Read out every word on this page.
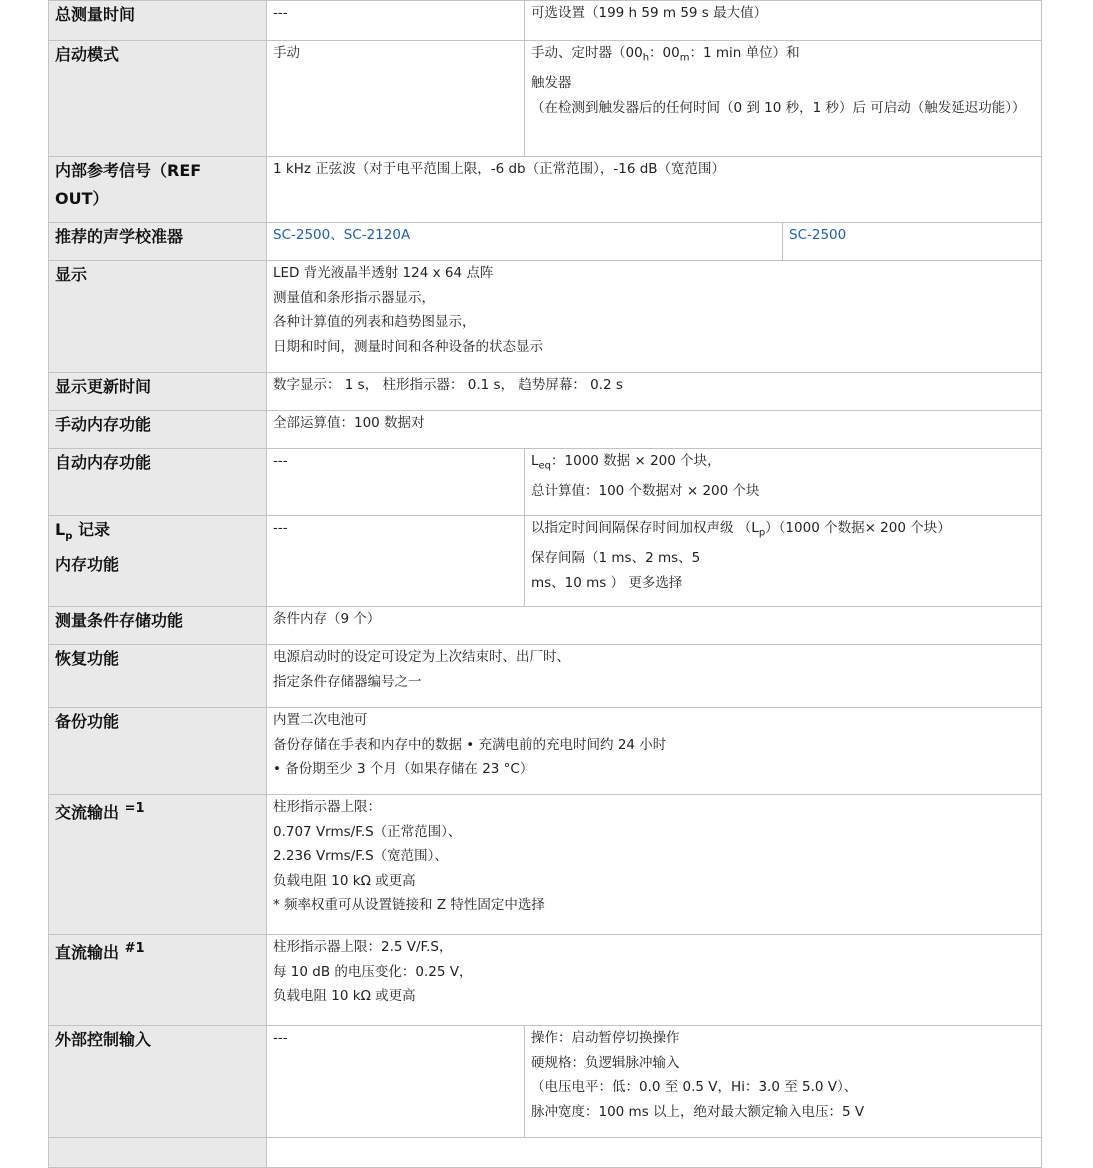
总测量时间	---	可选设置（199 h 59 m 59 s 最大值）	

启动模式	手动	手动、定时器（$00_h$：$00_m$：1 min 单位）和
触发器
（在检测到触发器后的任何时间（0 到 10 秒，1 秒）后 可启动（触发延迟功能））	

内部参考信号（REF
OUT）	1 kHz 正弦波（对于电平范围上限，-6 db（正常范围），-16 dB（宽范围）		

推荐的声学校准器	SC-2500、SC-2120A		SC-2500

显示	LED 背光液晶半透射 124 x 64 点阵
测量值和条形指示器显示，
各种计算值的列表和趋势图显示，
日期和时间，测量时间和各种设备的状态显示		

显示更新时间	数字显示： 1 s， 柱形指示器： 0.1 s， 趋势屏幕： 0.2 s		

手动内存功能	全部运算值：100 数据对		

自动内存功能	---	$L_{eq}$：1000 数据 × 200 个块，
总计算值：100 个数据对 × 200 个块	

$L_p$ 记录
内存功能	---	以指定时间间隔保存时间加权声级 $(L_p)(1000$ 个数据× 200 个块）
保存间隔（1 ms、2 ms、5
ms、10 ms ） 更多选择	

测量条件存储功能	条件内存（9 个）		

恢复功能	电源启动时的设定可设定为上次结束时、出厂时、
指定条件存储器编号之一		

备份功能	内置二次电池可
备份存储在手表和内存中的数据 • 充满电前的充电时间约 24 小时
• 备份期至少 3 个月（如果存储在 23 °C）		

交流输出 $^{=1}$	柱形指示器上限：
0.707 Vrms/F.S（正常范围）、
2.236 Vrms/F.S（宽范围）、
负载电阻 10 kΩ 或更高
* 频率权重可从设置链接和 Z 特性固定中选择		

直流输出 $^{\#1}$	柱形指示器上限：2.5 V/F.S，
每 10 dB 的电压变化：0.25 V，
负载电阻 10 kΩ 或更高		

外部控制输入	---	操作：启动暂停切换操作
硬规格：负逻辑脉冲输入
（电压电平：低：0.0 至 0.5 V，Hi：3.0 至 5.0 V）、
脉冲宽度：100 ms 以上，绝对最大额定输入电压：5 V	
